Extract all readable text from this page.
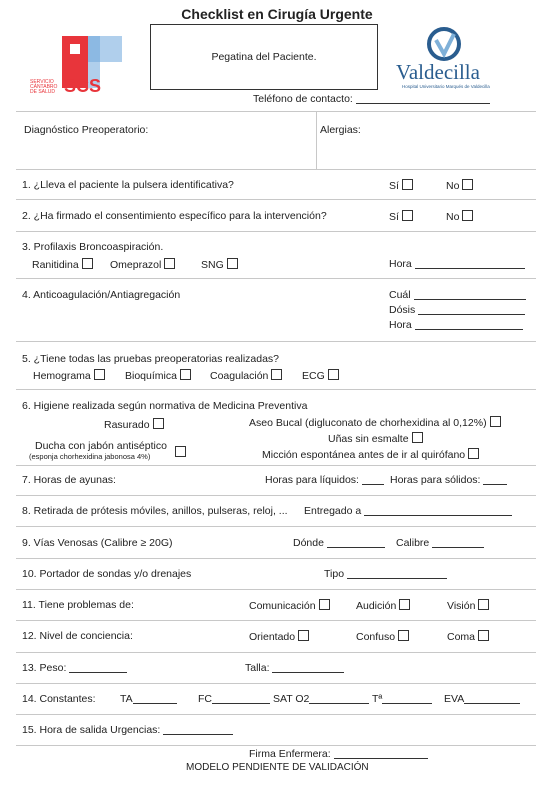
Checklist en Cirugía Urgente
SERVICIO
CÁNTABRO
DE SALUD SCS
Pegatina del Paciente.
Valdecilla
Hospital Universitario Marqués de Valdecilla
Teléfono de contacto:
Diagnóstico Preoperatorio:	Alergias:
1. ¿Lleva el paciente la pulsera identificativa?	Sí	No
2. ¿Ha firmado el consentimiento específico para la intervención?	Sí	No
3. Profilaxis Broncoaspiración.
Ranitidina	Omeprazol	SNG	Hora
4. Anticoagulación/Antiagregación	Cuál
Dósis
Hora
5. ¿Tiene todas las pruebas preoperatorias realizadas?
Hemograma	Bioquímica	Coagulación	ECG
6. Higiene realizada según normativa de Medicina Preventiva
Rasurado	Aseo Bucal (digluconato de chorhexidina al 0,12%)
Uñas sin esmalte
Ducha con jabón antiséptico
(esponja chorhexidina jabonosa 4%)	Micción espontánea antes de ir al quirófano
7. Horas de ayunas:	Horas para líquidos:	Horas para sólidos:
8. Retirada de prótesis móviles, anillos, pulseras, reloj, ... Entregado a
9. Vías Venosas (Calibre ≥ 20G)	Dónde	Calibre
10. Portador de sondas y/o drenajes	Tipo
11. Tiene problemas de:	Comunicación	Audición	Visión
12. Nivel de conciencia:	Orientado	Confuso	Coma
13. Peso:	Talla:
14. Constantes: TA	FC	SAT O2	Tª	EVA
15. Hora de salida Urgencias:
Firma Enfermera:
MODELO PENDIENTE DE VALIDACIÓN
